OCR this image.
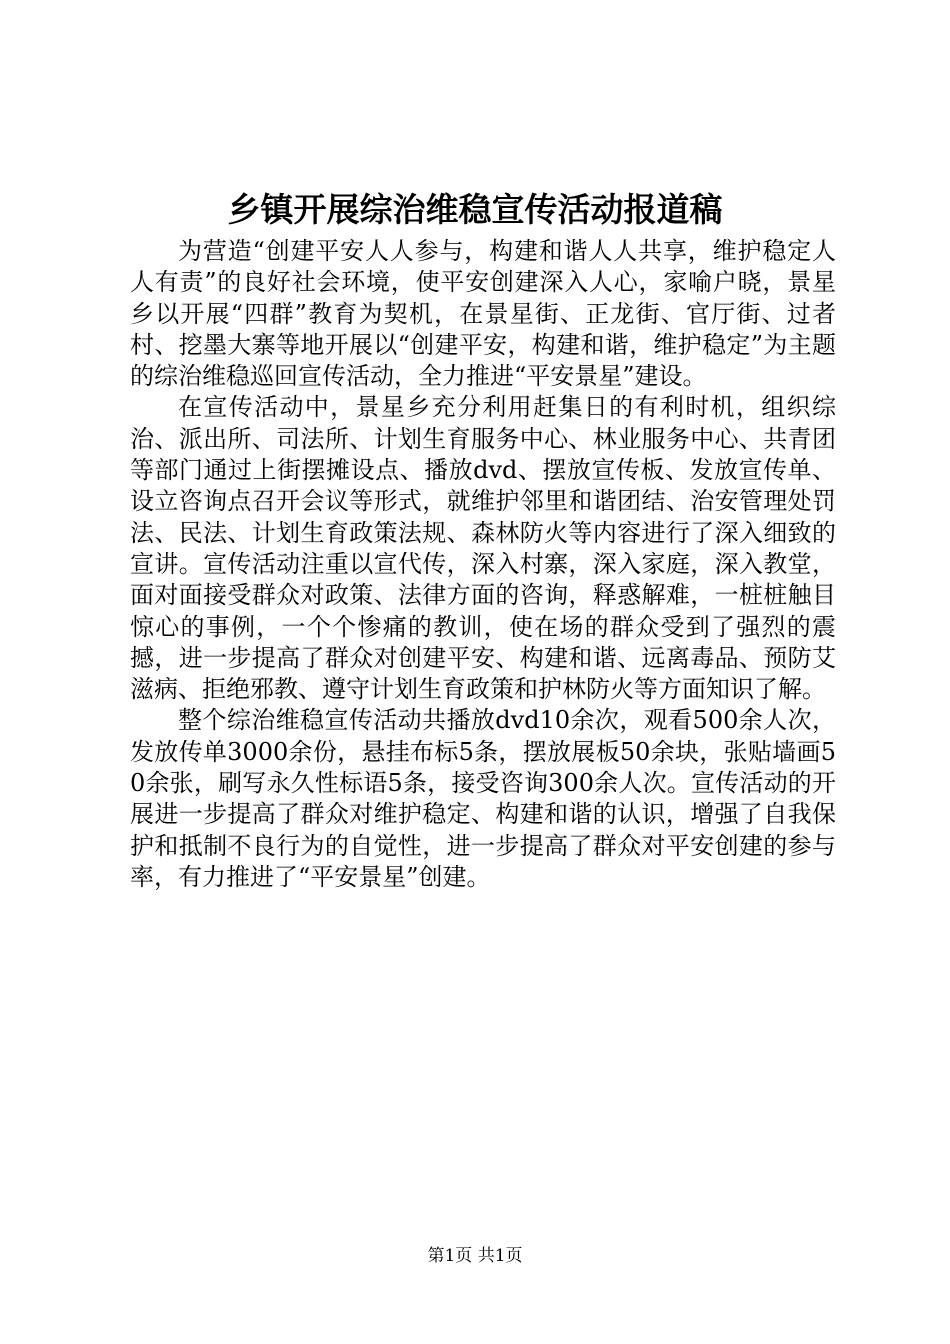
乡镇开展综治维稳宣传活动报道稿

为营造“创建平安人人参与，构建和谐人人共享，维护稳定人人有责”的良好社会环境，使平安创建深入人心，家喻户晓，景星乡以开展“四群”教育为契机，在景星街、正龙街、官厅街、过者村、挖墨大寨等地开展以“创建平安，构建和谐，维护稳定”为主题的综治维稳巡回宣传活动，全力推进“平安景星”建设。

在宣传活动中，景星乡充分利用赶集日的有利时机，组织综治、派出所、司法所、计划生育服务中心、林业服务中心、共青团等部门通过上街摆摊设点、播放dvd、摆放宣传板、发放宣传单、设立咨询点召开会议等形式，就维护邻里和谐团结、治安管理处罚法、民法、计划生育政策法规、森林防火等内容进行了深入细致的宣讲。宣传活动注重以宣代传，深入村寨，深入家庭，深入教堂，面对面接受群众对政策、法律方面的咨询，释惑解难，一桩桩触目惊心的事例，一个个惨痛的教训，使在场的群众受到了强烈的震撼，进一步提高了群众对创建平安、构建和谐、远离毒品、预防艾滋病、拒绝邪教、遵守计划生育政策和护林防火等方面知识了解。

整个综治维稳宣传活动共播放dvd10余次，观看500余人次，发放传单3000余份，悬挂布标5条，摆放展板50余块，张贴墙画50余张，刷写永久性标语5条，接受咨询300余人次。宣传活动的开展进一步提高了群众对维护稳定、构建和谐的认识，增强了自我保护和抵制不良行为的自觉性，进一步提高了群众对平安创建的参与率，有力推进了“平安景星”创建。

第1页 共1页
